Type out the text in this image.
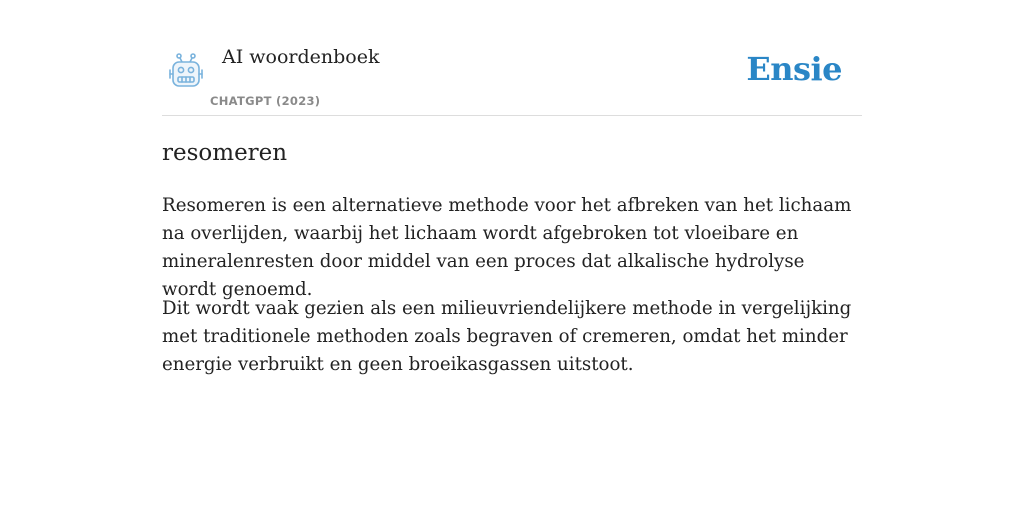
AI woordenboek
CHATGPT (2023)
Ensie
resomeren

Resomeren is een alternatieve methode voor het afbreken van het lichaam na overlijden, waarbij het lichaam wordt afgebroken tot vloeibare en mineralenresten door middel van een proces dat alkalische hydrolyse wordt genoemd.

Dit wordt vaak gezien als een milieuvriendelijkere methode in vergelijking met traditionele methoden zoals begraven of cremeren, omdat het minder energie verbruikt en geen broeikasgassen uitstoot.
